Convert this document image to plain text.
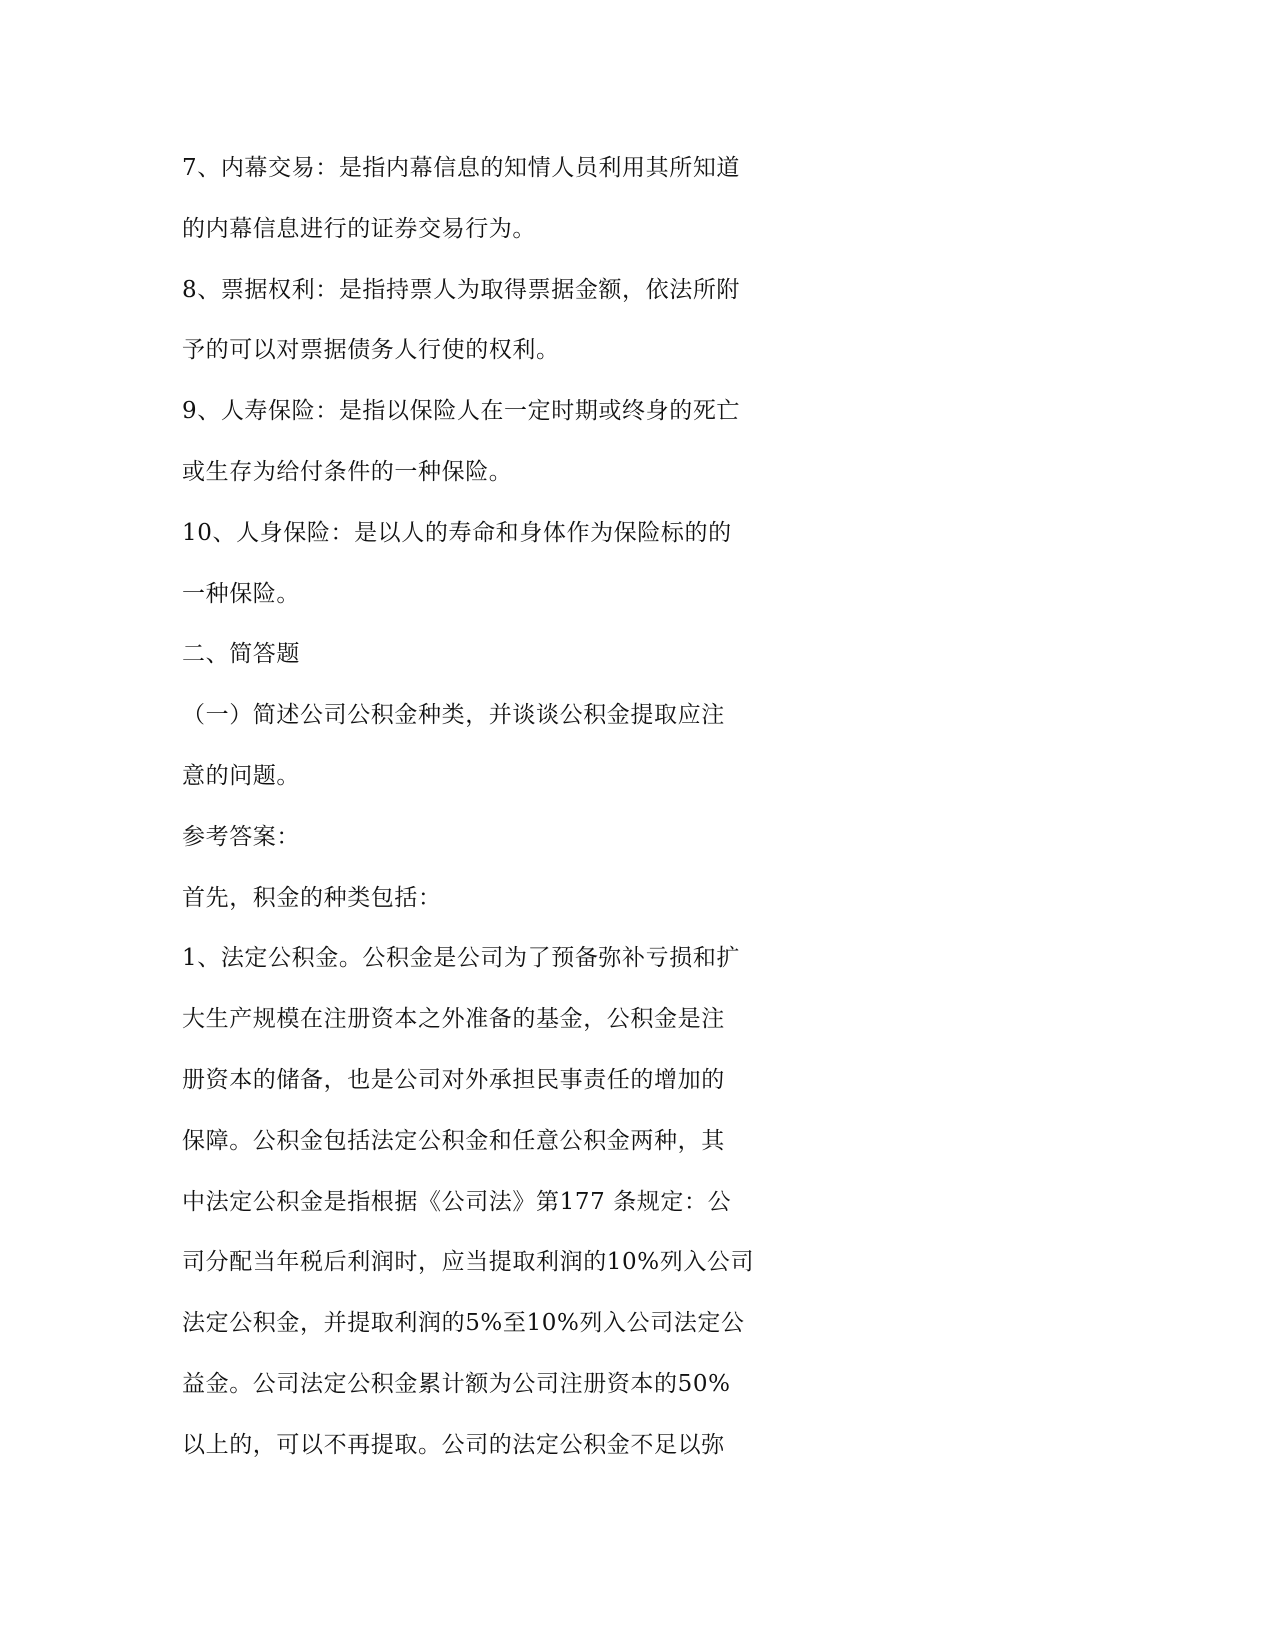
7、内幕交易：是指内幕信息的知情人员利用其所知道
的内幕信息进行的证券交易行为。
8、票据权利：是指持票人为取得票据金额，依法所附
予的可以对票据债务人行使的权利。
9、人寿保险：是指以保险人在一定时期或终身的死亡
或生存为给付条件的一种保险。
10、人身保险：是以人的寿命和身体作为保险标的的
一种保险。
二、简答题
（一）简述公司公积金种类，并谈谈公积金提取应注
意的问题。
参考答案：
首先，积金的种类包括：
1、法定公积金。公积金是公司为了预备弥补亏损和扩
大生产规模在注册资本之外准备的基金，公积金是注
册资本的储备，也是公司对外承担民事责任的增加的
保障。公积金包括法定公积金和任意公积金两种，其
中法定公积金是指根据《公司法》第177 条规定：公
司分配当年税后利润时，应当提取利润的10%列入公司
法定公积金，并提取利润的5%至10%列入公司法定公
益金。公司法定公积金累计额为公司注册资本的50%
以上的，可以不再提取。公司的法定公积金不足以弥
